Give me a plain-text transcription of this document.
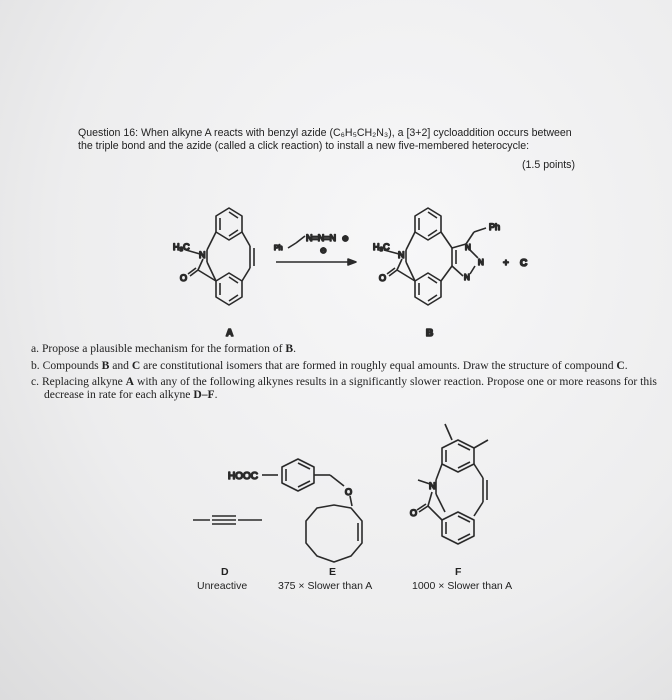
Question 16: When alkyne A reacts with benzyl azide (C₆H₅CH₂N₃), a [3+2] cycloaddition occurs between
the triple bond and the azide (called a click reaction) to install a new five-membered heterocycle:
(1.5 points)
H₃C
N
O
Ph
N=N=N
⊖
⊕
H₃C
N
O
N
N
N
Ph
+ C
A	B
HOOC
O
N
O

a. Propose a plausible mechanism for the formation of B.

b. Compounds B and C are constitutional isomers that are formed in roughly equal amounts. Draw the structure of compound C.

c. Replacing alkyne A with any of the following alkynes results in a significantly slower reaction. Propose one or more reasons for this decrease in rate for each alkyne D–F.

D
Unreactive
E
375 × Slower than A
F
1000 × Slower than A
